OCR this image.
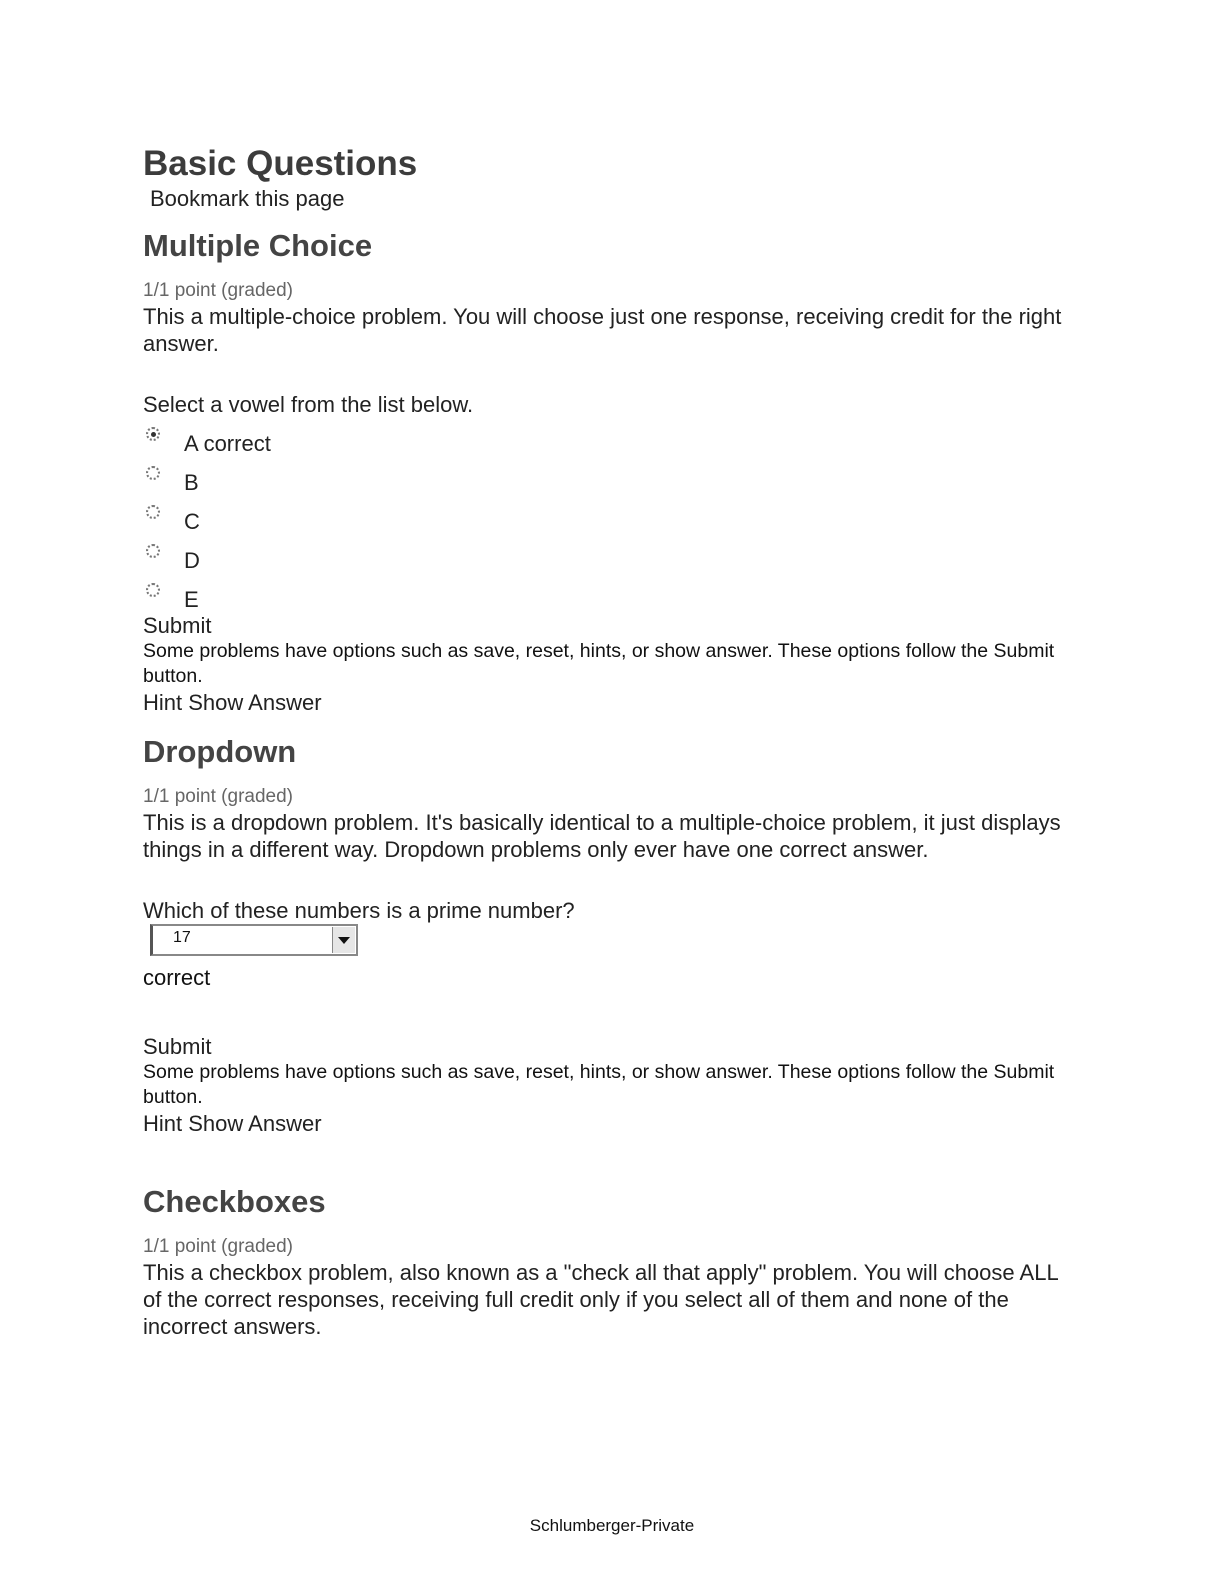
Basic Questions
Bookmark this page
Multiple Choice
1/1 point (graded)
This a multiple-choice problem. You will choose just one response, receiving credit for the right answer.
Select a vowel from the list below.
A correct
B
C
D
E
Submit
Some problems have options such as save, reset, hints, or show answer. These options follow the Submit button.
Hint Show Answer
Dropdown
1/1 point (graded)
This is a dropdown problem. It's basically identical to a multiple-choice problem, it just displays things in a different way. Dropdown problems only ever have one correct answer.
Which of these numbers is a prime number?
17
correct
Submit
Some problems have options such as save, reset, hints, or show answer. These options follow the Submit button.
Hint Show Answer
Checkboxes
1/1 point (graded)
This a checkbox problem, also known as a "check all that apply" problem. You will choose ALL of the correct responses, receiving full credit only if you select all of them and none of the incorrect answers.
Schlumberger-Private
